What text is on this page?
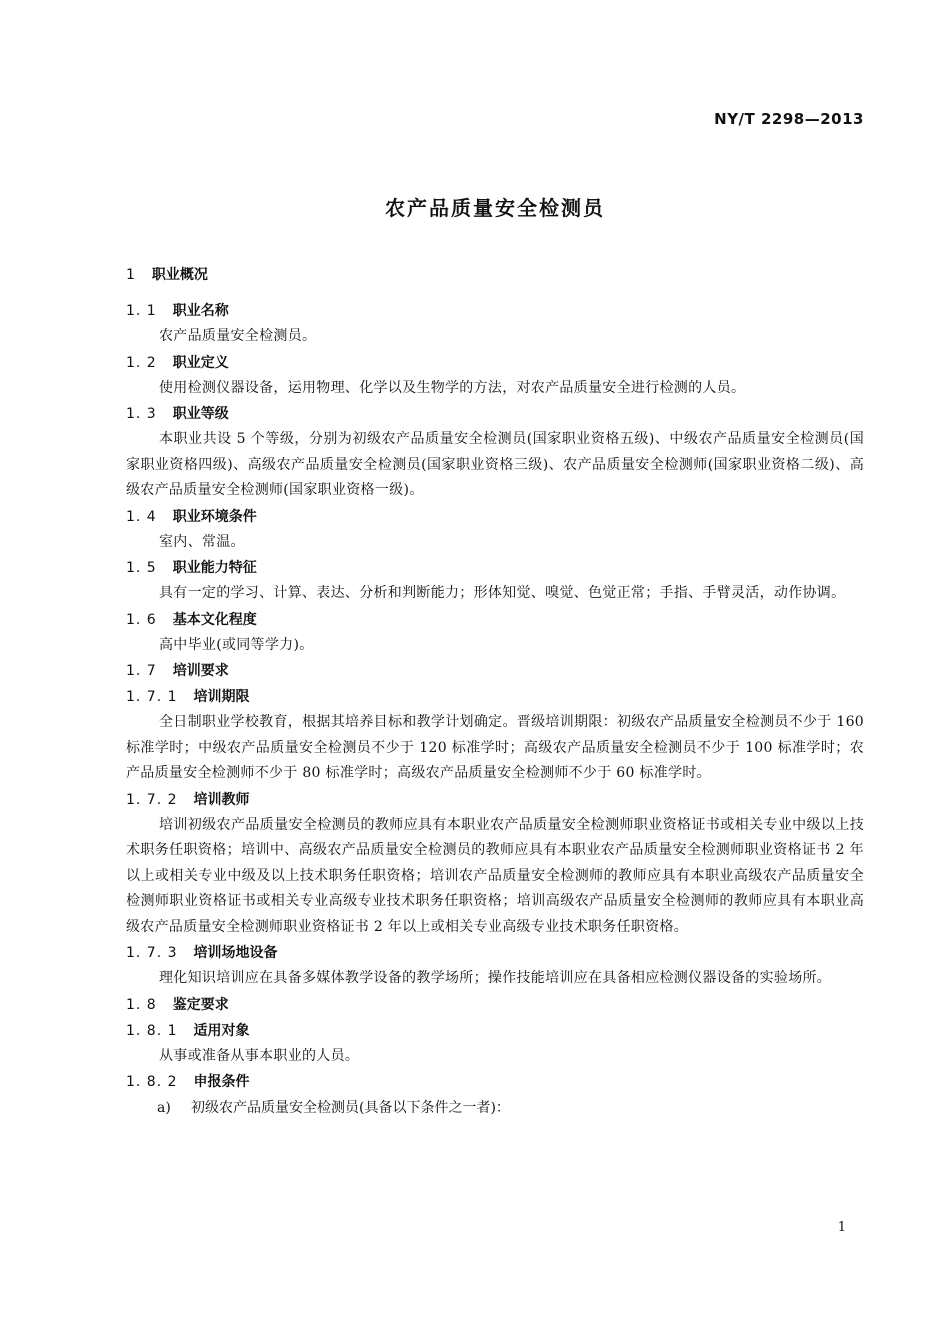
NY/T 2298—2013
农产品质量安全检测员
1 职业概况
1. 1 职业名称
农产品质量安全检测员。
1. 2 职业定义
使用检测仪器设备，运用物理、化学以及生物学的方法，对农产品质量安全进行检测的人员。
1. 3 职业等级
本职业共设 5 个等级，分别为初级农产品质量安全检测员(国家职业资格五级)、中级农产品质量安全检测员(国家职业资格四级)、高级农产品质量安全检测员(国家职业资格三级)、农产品质量安全检测师(国家职业资格二级)、高级农产品质量安全检测师(国家职业资格一级)。
1. 4 职业环境条件
室内、常温。
1. 5 职业能力特征
具有一定的学习、计算、表达、分析和判断能力；形体知觉、嗅觉、色觉正常；手指、手臂灵活，动作协调。
1. 6 基本文化程度
高中毕业(或同等学力)。
1. 7 培训要求
1. 7. 1 培训期限
全日制职业学校教育，根据其培养目标和教学计划确定。晋级培训期限：初级农产品质量安全检测员不少于 160 标准学时；中级农产品质量安全检测员不少于 120 标准学时；高级农产品质量安全检测员不少于 100 标准学时；农产品质量安全检测师不少于 80 标准学时；高级农产品质量安全检测师不少于 60 标准学时。
1. 7. 2 培训教师
培训初级农产品质量安全检测员的教师应具有本职业农产品质量安全检测师职业资格证书或相关专业中级以上技术职务任职资格；培训中、高级农产品质量安全检测员的教师应具有本职业农产品质量安全检测师职业资格证书 2 年以上或相关专业中级及以上技术职务任职资格；培训农产品质量安全检测师的教师应具有本职业高级农产品质量安全检测师职业资格证书或相关专业高级专业技术职务任职资格；培训高级农产品质量安全检测师的教师应具有本职业高级农产品质量安全检测师职业资格证书 2 年以上或相关专业高级专业技术职务任职资格。
1. 7. 3 培训场地设备
理化知识培训应在具备多媒体教学设备的教学场所；操作技能培训应在具备相应检测仪器设备的实验场所。
1. 8 鉴定要求
1. 8. 1 适用对象
从事或准备从事本职业的人员。
1. 8. 2 申报条件
a) 初级农产品质量安全检测员(具备以下条件之一者)：
1
